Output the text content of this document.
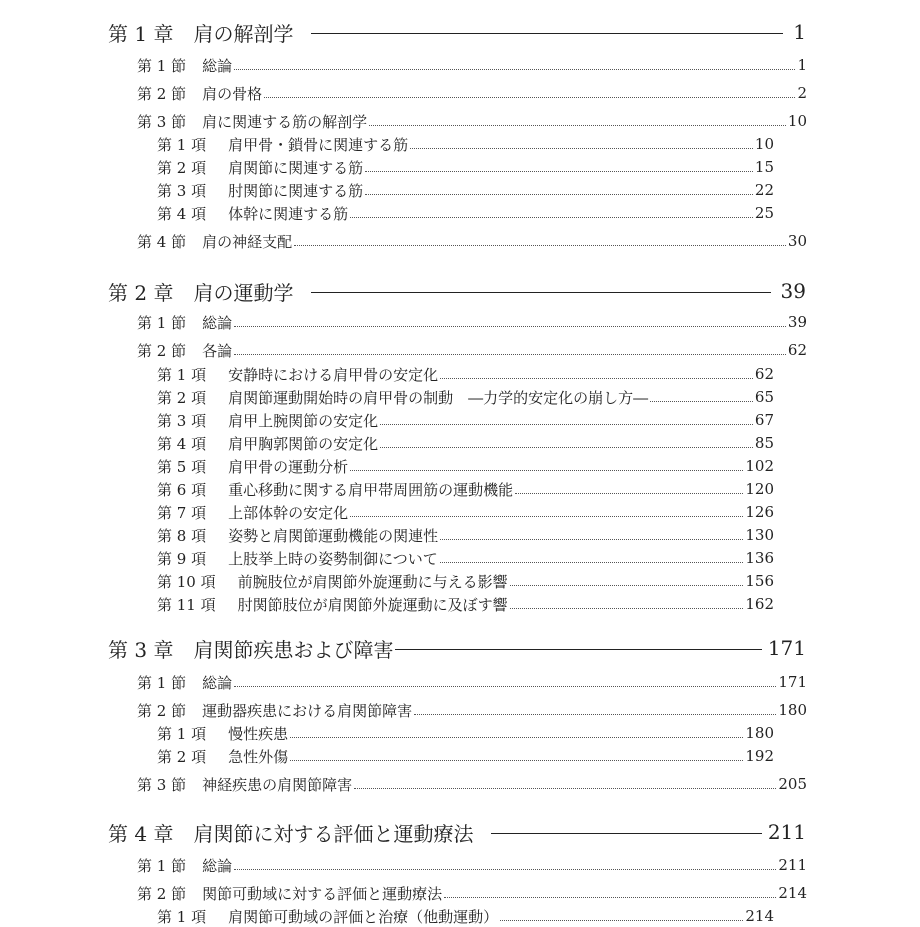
第 1 章 肩の解剖学	1
第 1 節 総論	1
第 2 節 肩の骨格	2
第 3 節 肩に関連する筋の解剖学	10
第 1 項 肩甲骨・鎖骨に関連する筋	10
第 2 項 肩関節に関連する筋	15
第 3 項 肘関節に関連する筋	22
第 4 項 体幹に関連する筋	25
第 4 節 肩の神経支配	30
第 2 章 肩の運動学	39
第 1 節 総論	39
第 2 節 各論	62
第 1 項 安静時における肩甲骨の安定化	62
第 2 項 肩関節運動開始時の肩甲骨の制動　―力学的安定化の崩し方―	65
第 3 項 肩甲上腕関節の安定化	67
第 4 項 肩甲胸郭関節の安定化	85
第 5 項 肩甲骨の運動分析	102
第 6 項 重心移動に関する肩甲帯周囲筋の運動機能	120
第 7 項 上部体幹の安定化	126
第 8 項 姿勢と肩関節運動機能の関連性	130
第 9 項 上肢挙上時の姿勢制御について	136
第 10 項 前腕肢位が肩関節外旋運動に与える影響	156
第 11 項 肘関節肢位が肩関節外旋運動に及ぼす響	162
第 3 章 肩関節疾患および障害	171
第 1 節 総論	171
第 2 節 運動器疾患における肩関節障害	180
第 1 項 慢性疾患	180
第 2 項 急性外傷	192
第 3 節 神経疾患の肩関節障害	205
第 4 章 肩関節に対する評価と運動療法	211
第 1 節 総論	211
第 2 節 関節可動域に対する評価と運動療法	214
第 1 項 肩関節可動域の評価と治療（他動運動）	214
